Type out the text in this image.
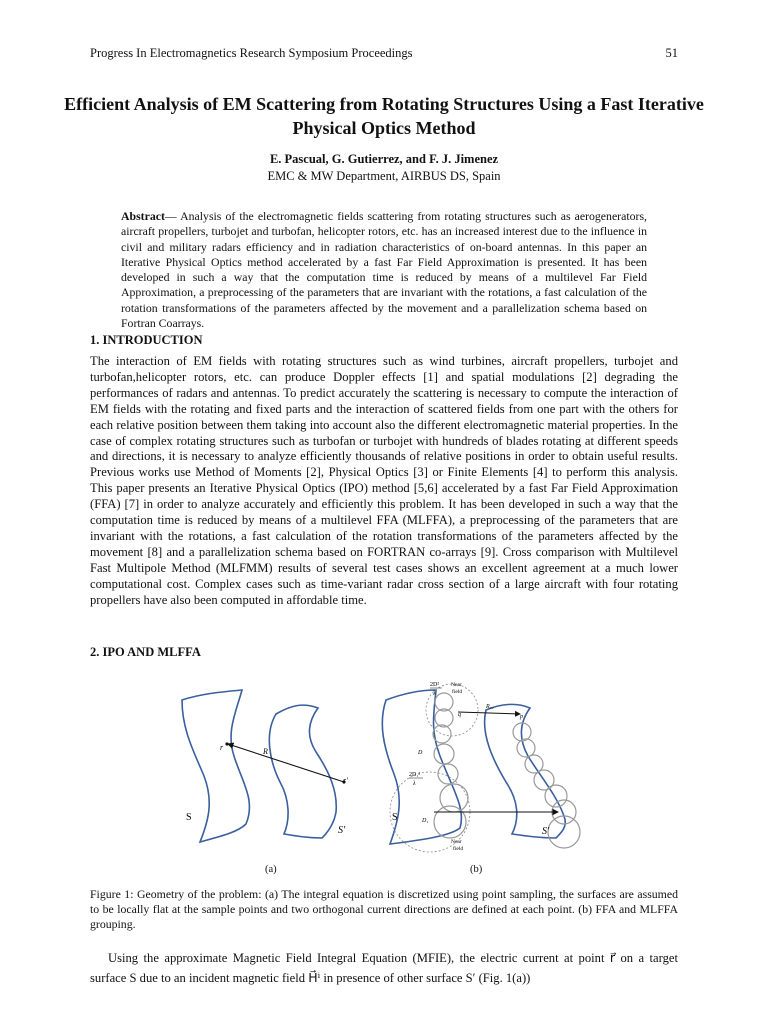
Progress In Electromagnetics Research Symposium Proceedings	51
Efficient Analysis of EM Scattering from Rotating Structures Using a Fast Iterative Physical Optics Method
E. Pascual, G. Gutierrez, and F. J. Jimenez
EMC & MW Department, AIRBUS DS, Spain
Abstract— Analysis of the electromagnetic fields scattering from rotating structures such as aerogenerators, aircraft propellers, turbojet and turbofan, helicopter rotors, etc. has an increased interest due to the influence in civil and military radars efficiency and in radiation characteristics of on-board antennas. In this paper an Iterative Physical Optics method accelerated by a fast Far Field Approximation is presented. It has been developed in such a way that the computation time is reduced by means of a multilevel Far Field Approximation, a preprocessing of the parameters that are invariant with the rotations, a fast calculation of the rotation transformations of the parameters affected by the movement and a parallelization schema based on Fortran Coarrays.
1. INTRODUCTION
The interaction of EM fields with rotating structures such as wind turbines, aircraft propellers, turbojet and turbofan,helicopter rotors, etc. can produce Doppler effects [1] and spatial modulations [2] degrading the performances of radars and antennas. To predict accurately the scattering is necessary to compute the interaction of EM fields with the rotating and fixed parts and the interaction of scattered fields from one part with the others for each relative position between them taking into account also the different electromagnetic material properties. In the case of complex rotating structures such as turbofan or turbojet with hundreds of blades rotating at different speeds and directions, it is necessary to analyze efficiently thousands of relative positions in order to obtain useful results. Previous works use Method of Moments [2], Physical Optics [3] or Finite Elements [4] to perform this analysis. This paper presents an Iterative Physical Optics (IPO) method [5,6] accelerated by a fast Far Field Approximation (FFA) [7] in order to analyze accurately and efficiently this problem. It has been developed in such a way that the computation time is reduced by means of a multilevel FFA (MLFFA), a preprocessing of the parameters that are invariant with the rotations, a fast calculation of the rotation transformations of the parameters affected by the movement [8] and a parallelization schema based on FORTRAN co-arrays [9]. Cross comparison with Multilevel Fast Multipole Method (MLFMM) results of several test cases shows an excellent agreement at a much lower computational cost. Complex cases such as time-variant radar cross section of a large aircraft with four rotating propellers have also been computed in affordable time.
2. IPO AND MLFFA
r	R
r′
S
S′
2D²
λ
Near
field
R₀₁
p
q
D
2D₁²
λ
D₁
Near
field
S
S′
(a)	(b)
Figure 1: Geometry of the problem: (a) The integral equation is discretized using point sampling, the surfaces are assumed to be locally flat at the sample points and two orthogonal current directions are defined at each point. (b) FFA and MLFFA grouping.
Using the approximate Magnetic Field Integral Equation (MFIE), the electric current at point r⃗ on a target surface S due to an incident magnetic field H⃗ⁱ in presence of other surface S′ (Fig. 1(a))
